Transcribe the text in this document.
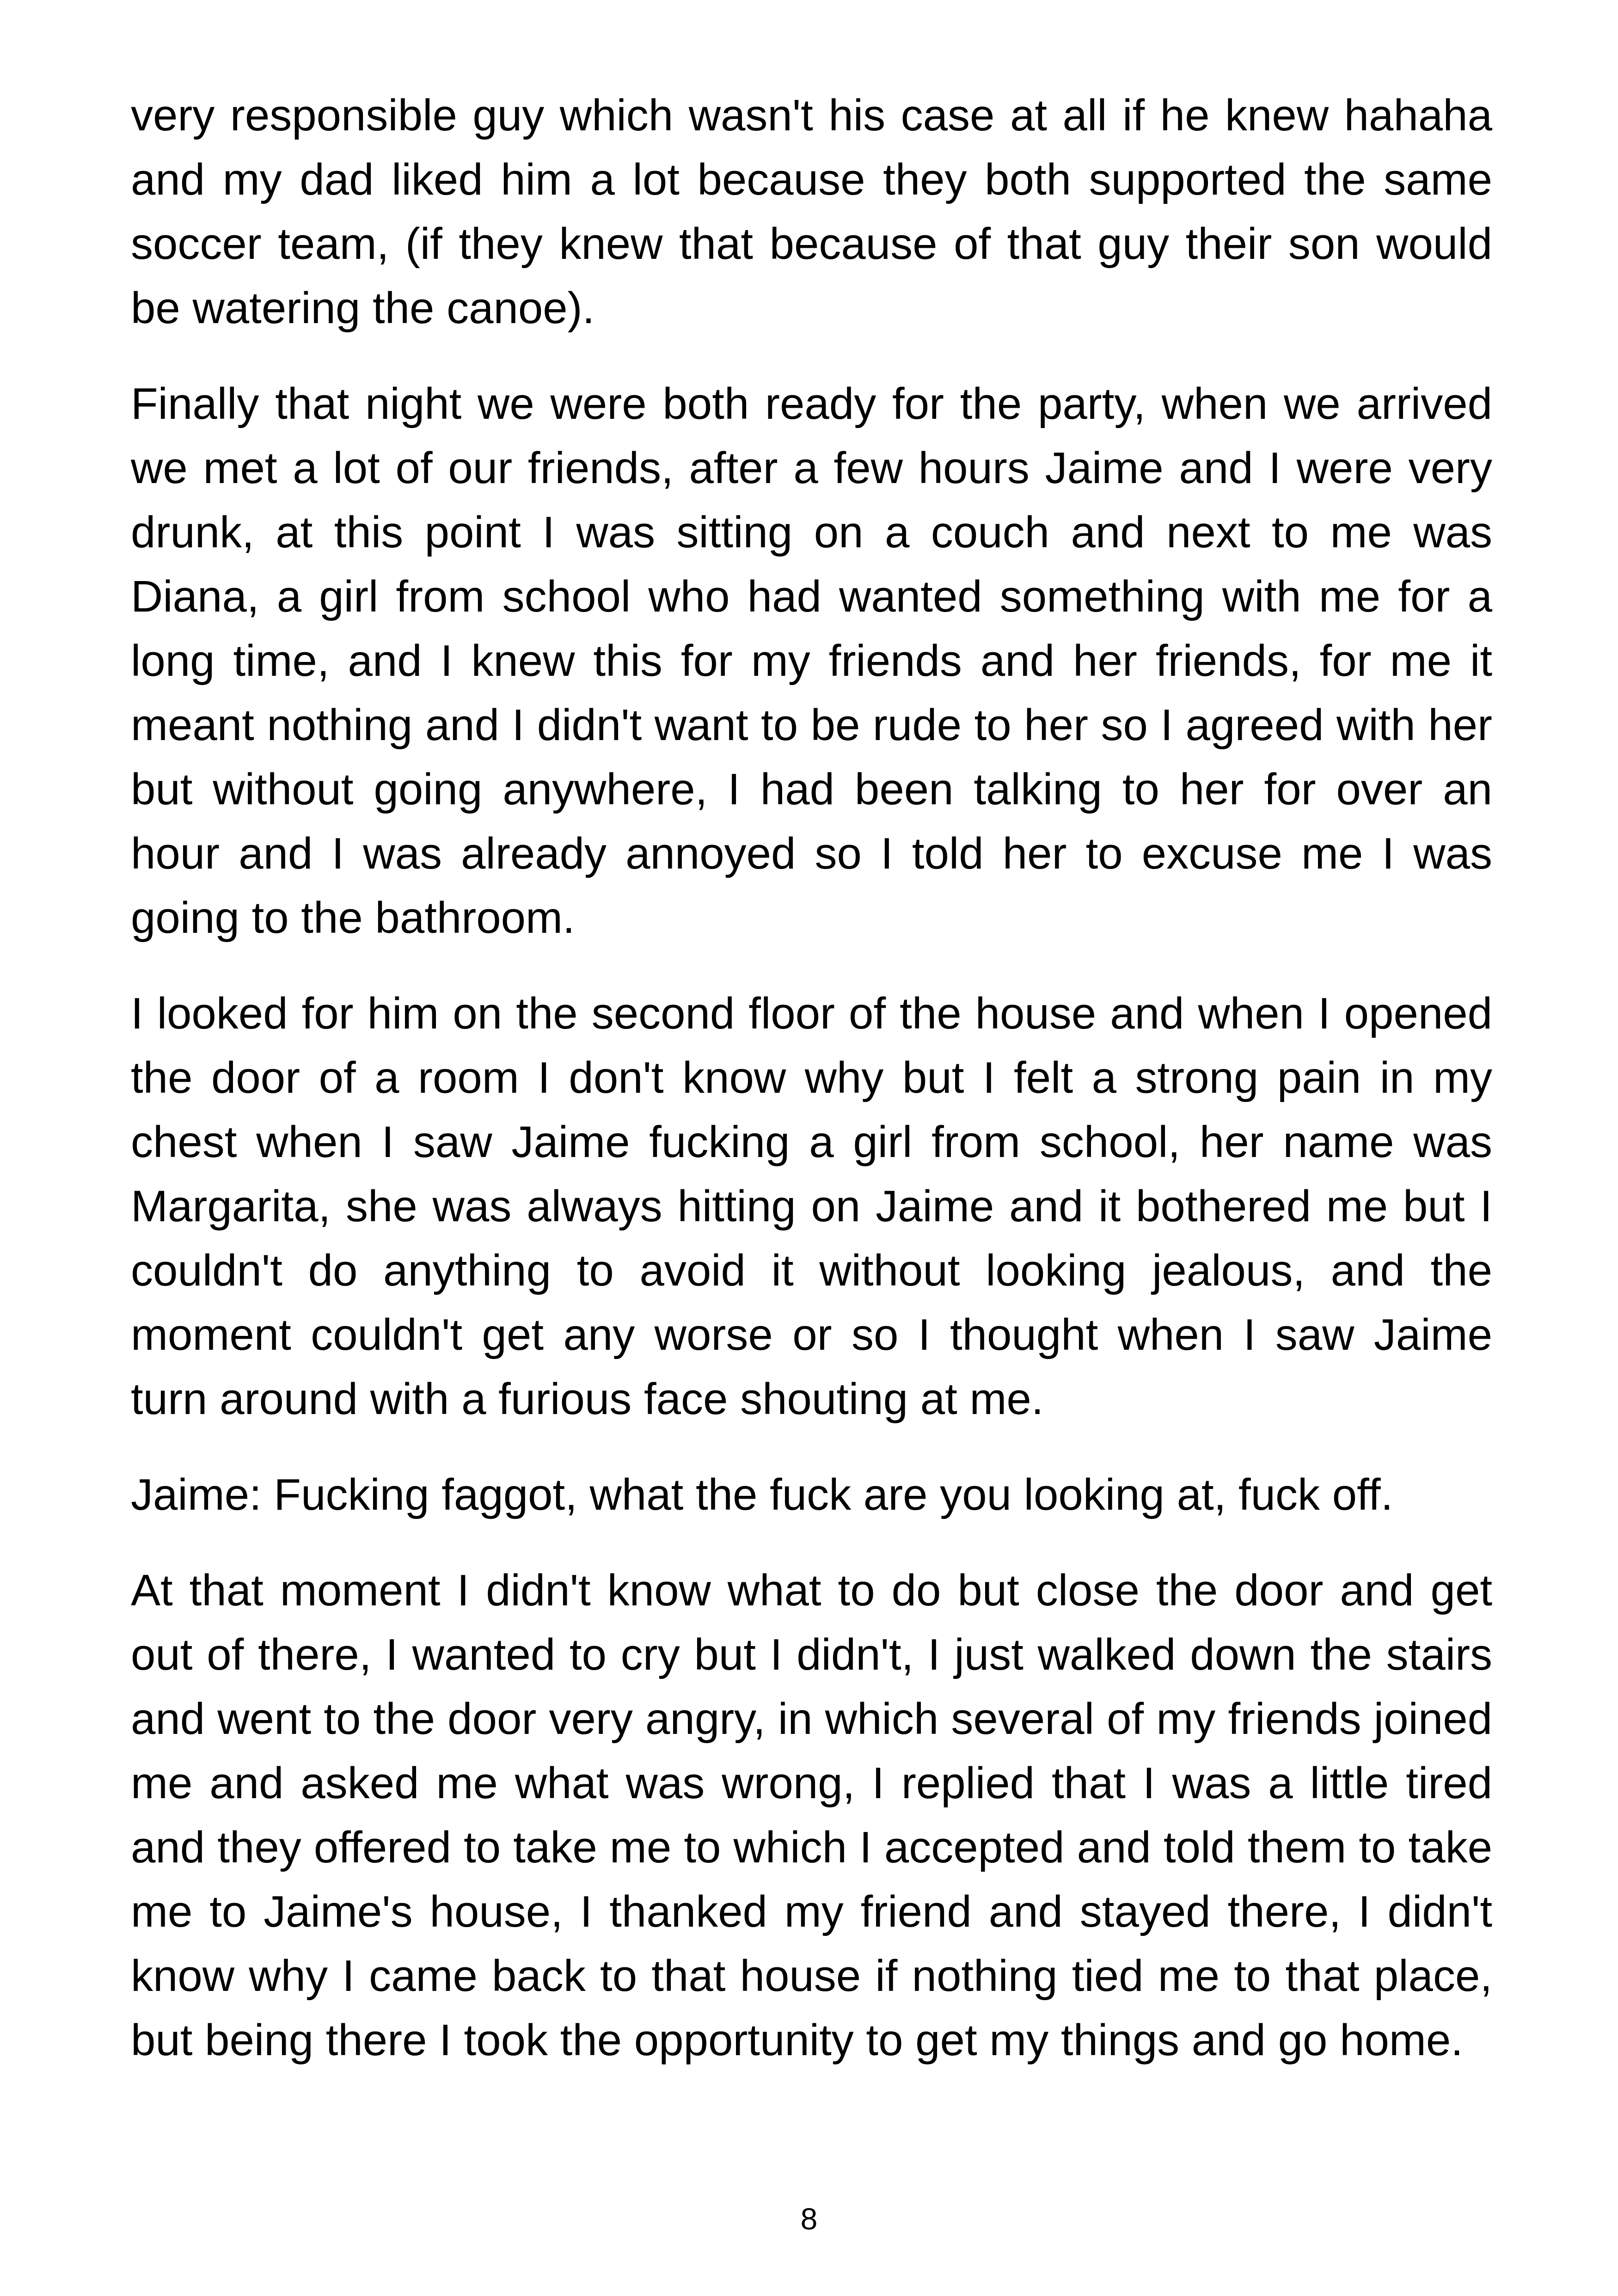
very responsible guy which wasn't his case at all if he knew hahaha and my dad liked him a lot because they both supported the same soccer team, (if they knew that because of that guy their son would be watering the canoe).

Finally that night we were both ready for the party, when we arrived we met a lot of our friends, after a few hours Jaime and I were very drunk, at this point I was sitting on a couch and next to me was Diana, a girl from school who had wanted something with me for a long time, and I knew this for my friends and her friends, for me it meant nothing and I didn't want to be rude to her so I agreed with her but without going anywhere, I had been talking to her for over an hour and I was already annoyed so I told her to excuse me I was going to the bathroom.

I looked for him on the second floor of the house and when I opened the door of a room I don't know why but I felt a strong pain in my chest when I saw Jaime fucking a girl from school, her name was Margarita, she was always hitting on Jaime and it bothered me but I couldn't do anything to avoid it without looking jealous, and the moment couldn't get any worse or so I thought when I saw Jaime turn around with a furious face shouting at me.

Jaime: Fucking faggot, what the fuck are you looking at, fuck off.

At that moment I didn't know what to do but close the door and get out of there, I wanted to cry but I didn't, I just walked down the stairs and went to the door very angry, in which several of my friends joined me and asked me what was wrong, I replied that I was a little tired and they offered to take me to which I accepted and told them to take me to Jaime's house, I thanked my friend and stayed there, I didn't know why I came back to that house if nothing tied me to that place, but being there I took the opportunity to get my things and go home.

8
